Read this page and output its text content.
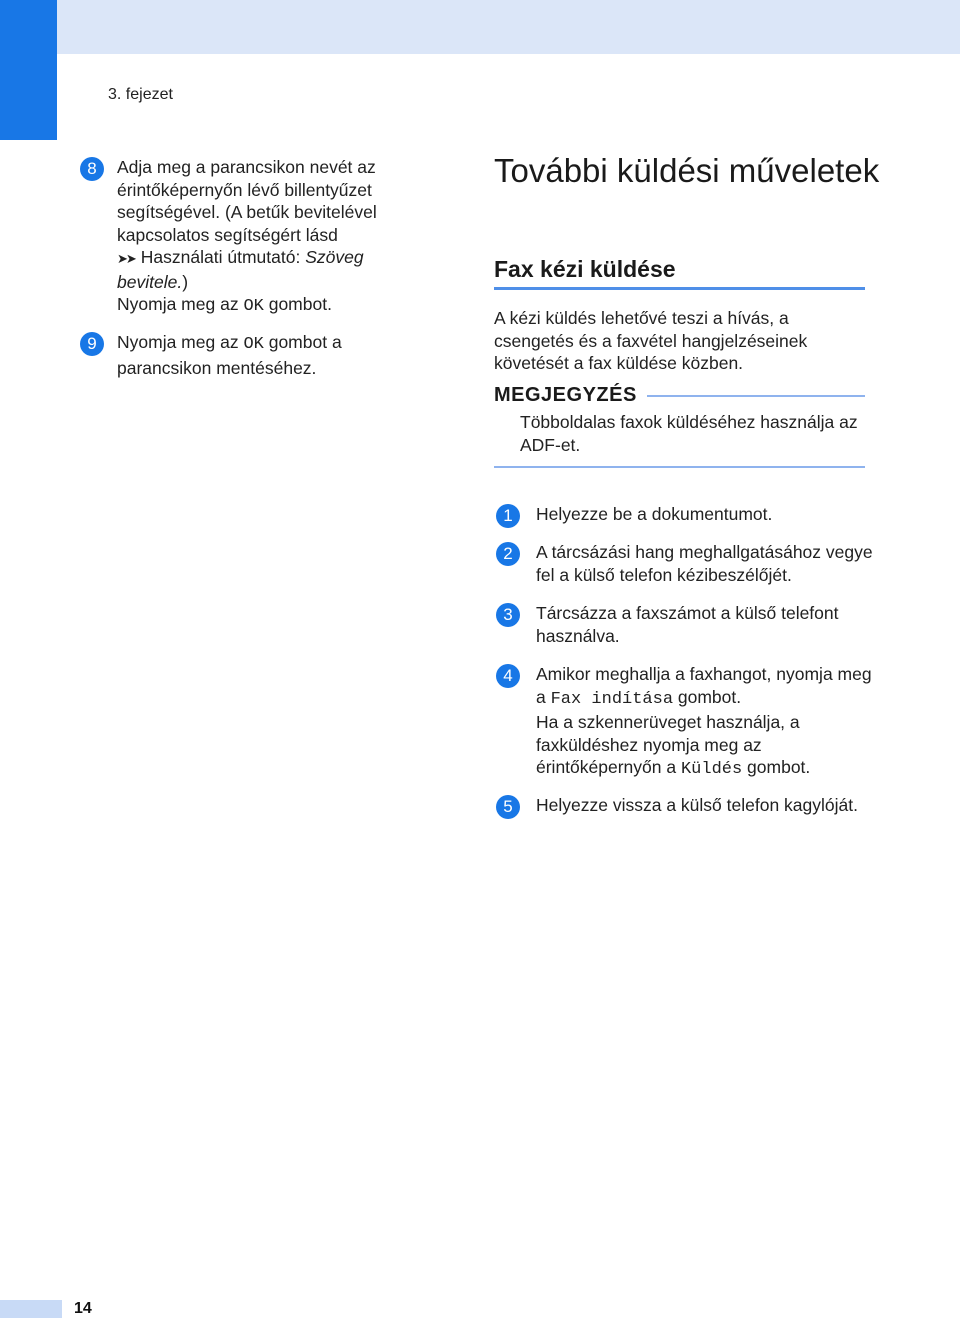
3. fejezet
8	Adja meg a parancsikon nevét az érintőképernyőn lévő billentyűzet segítségével. (A betűk bevitelével kapcsolatos segítségért lásd
➤➤ Használati útmutató: Szöveg bevitele.)
Nyomja meg az OK gombot.
9	Nyomja meg az OK gombot a parancsikon mentéséhez.
További küldési műveletek
Fax kézi küldése
A kézi küldés lehetővé teszi a hívás, a csengetés és a faxvétel hangjelzéseinek követését a fax küldése közben.
MEGJEGYZÉS
Többoldalas faxok küldéséhez használja az ADF-et.
1	Helyezze be a dokumentumot.
2	A tárcsázási hang meghallgatásához vegye fel a külső telefon kézibeszélőjét.
3	Tárcsázza a faxszámot a külső telefont használva.
4	Amikor meghallja a faxhangot, nyomja meg a Fax indítása gombot.
Ha a szkennerüveget használja, a faxküldéshez nyomja meg az érintőképernyőn a Küldés gombot.
5	Helyezze vissza a külső telefon kagylóját.
14
